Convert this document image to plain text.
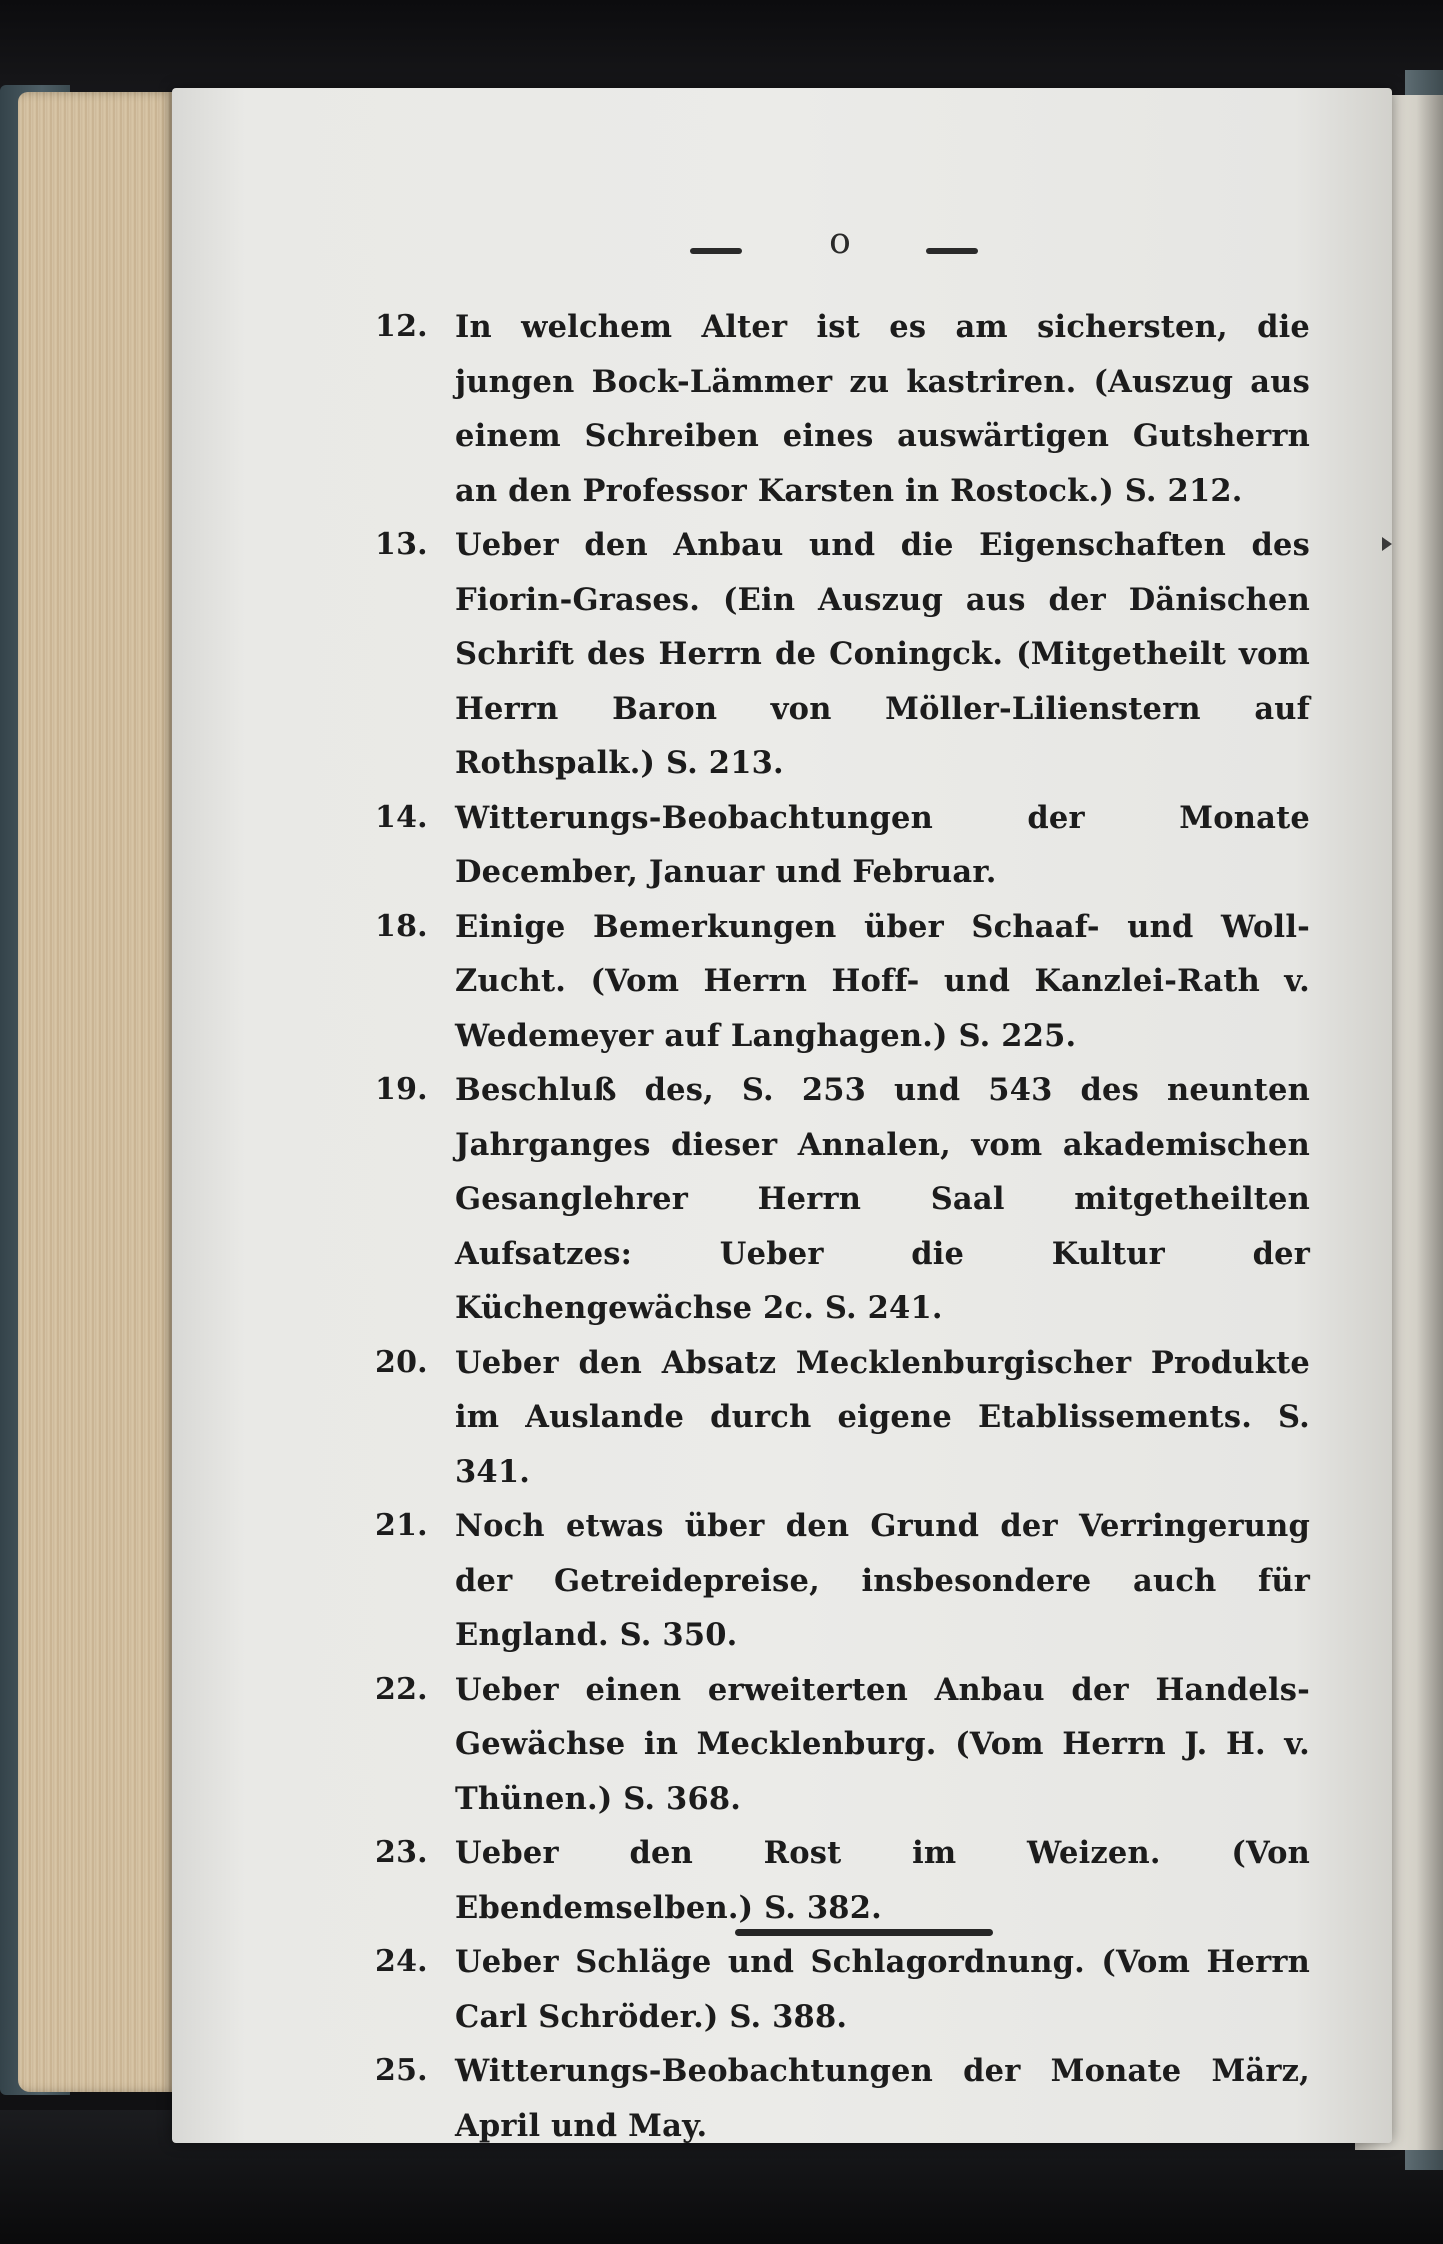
o
12. In welchem Alter ist es am sichersten, die jungen Bock-Lämmer zu kastriren. (Auszug aus einem Schreiben eines auswärtigen Gutsherrn an den Professor Karsten in Rostock.) S. 212.
13. Ueber den Anbau und die Eigenschaften des Fiorin-Grases. (Ein Auszug aus der Dänischen Schrift des Herrn de Coningck. (Mitgetheilt vom Herrn Baron von Möller-Lilienstern auf Rothspalk.) S. 213.
14. Witterungs-Beobachtungen der Monate December, Januar und Februar.
18. Einige Bemerkungen über Schaaf- und Woll-Zucht. (Vom Herrn Hoff- und Kanzlei-Rath v. Wedemeyer auf Langhagen.) S. 225.
19. Beschluß des, S. 253 und 543 des neunten Jahrganges dieser Annalen, vom akademischen Gesanglehrer Herrn Saal mitgetheilten Aufsatzes: Ueber die Kultur der Küchengewächse 2c. S. 241.
20. Ueber den Absatz Mecklenburgischer Produkte im Auslande durch eigene Etablissements. S. 341.
21. Noch etwas über den Grund der Verringerung der Getreidepreise, insbesondere auch für England. S. 350.
22. Ueber einen erweiterten Anbau der Handels-Gewächse in Mecklenburg. (Vom Herrn J. H. v. Thünen.) S. 368.
23. Ueber den Rost im Weizen. (Von Ebendemselben.) S. 382.
24. Ueber Schläge und Schlagordnung. (Vom Herrn Carl Schröder.) S. 388.
25. Witterungs-Beobachtungen der Monate März, April und May.
